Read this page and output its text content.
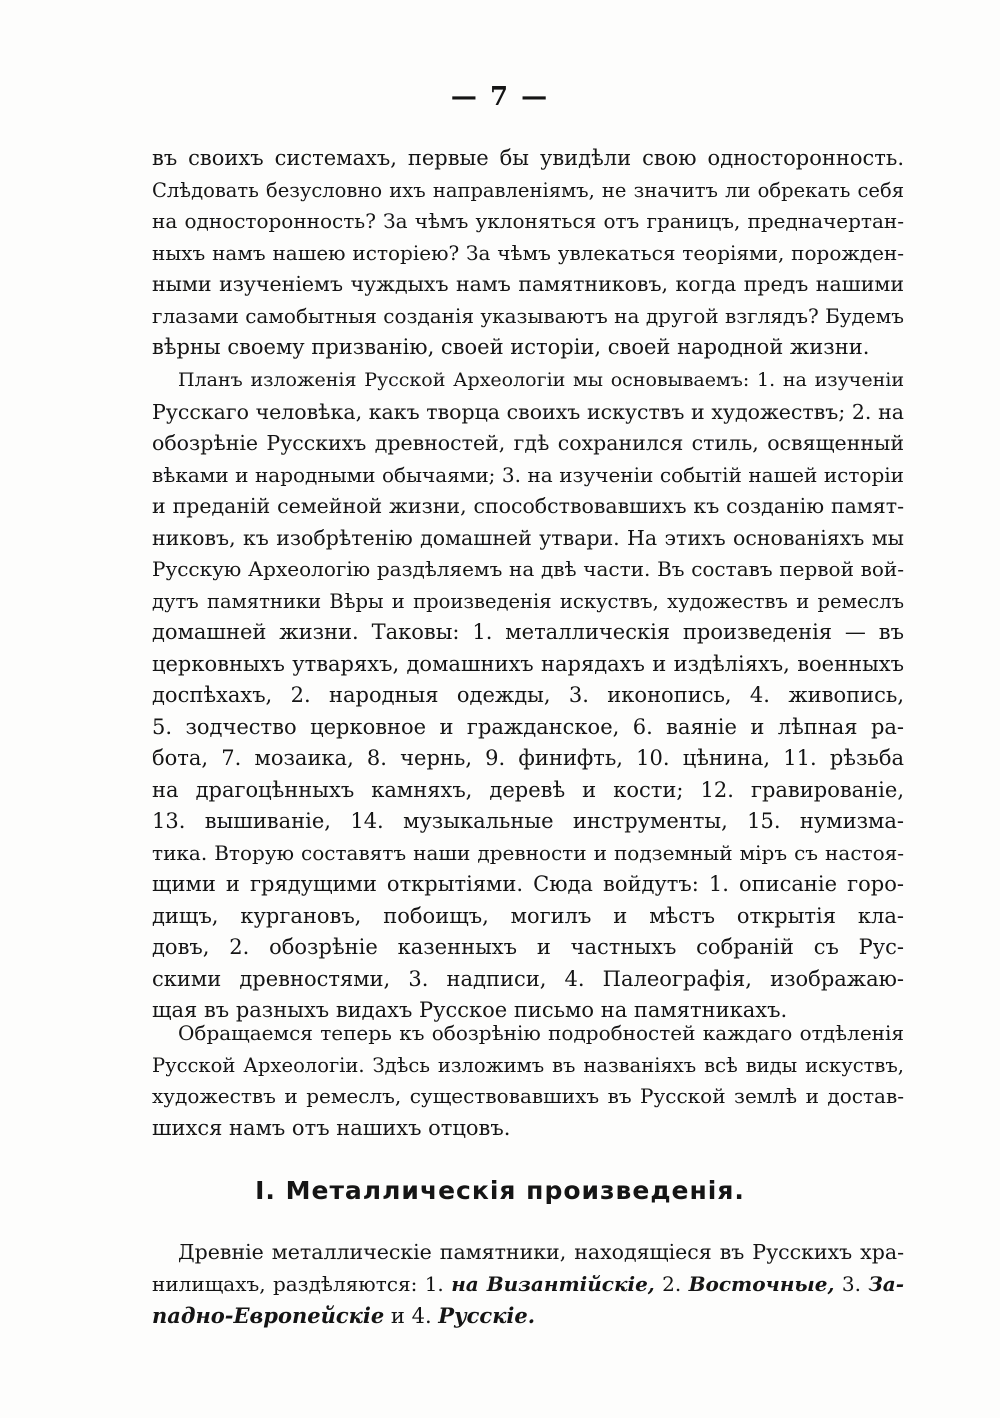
— 7 —
въ своихъ системахъ, первые бы увидѣли свою односторонность.
Слѣдовать безусловно ихъ направленіямъ, не значитъ ли обрекать себя
на односторонность? За чѣмъ уклоняться отъ границъ, предначертан-
ныхъ намъ нашею исторіею? За чѣмъ увлекаться теоріями, порожден-
ными изученіемъ чуждыхъ намъ памятниковъ, когда предъ нашими
глазами самобытныя созданія указываютъ на другой взглядъ? Будемъ
вѣрны своему призванію, своей исторіи, своей народной жизни.
Планъ изложенія Русской Археологіи мы основываемъ: 1. на изученіи
Русскаго человѣка, какъ творца своихъ искуствъ и художествъ; 2. на
обозрѣніе Русскихъ древностей, гдѣ сохранился стиль, освященный
вѣками и народными обычаями; 3. на изученіи событій нашей исторіи
и преданій семейной жизни, способствовавшихъ къ созданію памят-
никовъ, къ изобрѣтенію домашней утвари. На этихъ основаніяхъ мы
Русскую Археологію раздѣляемъ на двѣ части. Въ составъ первой вой-
дутъ памятники Вѣры и произведенія искуствъ, художествъ и ремеслъ
домашней жизни. Таковы: 1. металлическія произведенія — въ
церковныхъ утваряхъ, домашнихъ нарядахъ и издѣліяхъ, военныхъ
доспѣхахъ, 2. народныя одежды, 3. иконопись, 4. живопись,
5. зодчество церковное и гражданское, 6. ваяніе и лѣпная ра-
бота, 7. мозаика, 8. чернь, 9. финифть, 10. цѣнина, 11. рѣзьба
на драгоцѣнныхъ камняхъ, деревѣ и кости; 12. гравированіе,
13. вышиваніе, 14. музыкальные инструменты, 15. нумизма-
тика. Вторую составятъ наши древности и подземный міръ съ настоя-
щими и грядущими открытіями. Сюда войдутъ: 1. описаніе горо-
дищъ, кургановъ, побоищъ, могилъ и мѣстъ открытія кла-
довъ, 2. обозрѣніе казенныхъ и частныхъ собраній съ Рус-
скими древностями, 3. надписи, 4. Палеографія, изображаю-
щая въ разныхъ видахъ Русское письмо на памятникахъ.
Обращаемся теперь къ обозрѣнію подробностей каждаго отдѣленія
Русской Археологіи. Здѣсь изложимъ въ названіяхъ всѣ виды искуствъ,
художествъ и ремеслъ, существовавшихъ въ Русской землѣ и достав-
шихся намъ отъ нашихъ отцовъ.
I. Металлическія произведенія.
Древніе металлическіе памятники, находящіеся въ Русскихъ хра-
нилищахъ, раздѣляются: 1. на Византійскіе, 2. Восточные, 3. За-
падно-Европейскіе и 4. Русскіе.
